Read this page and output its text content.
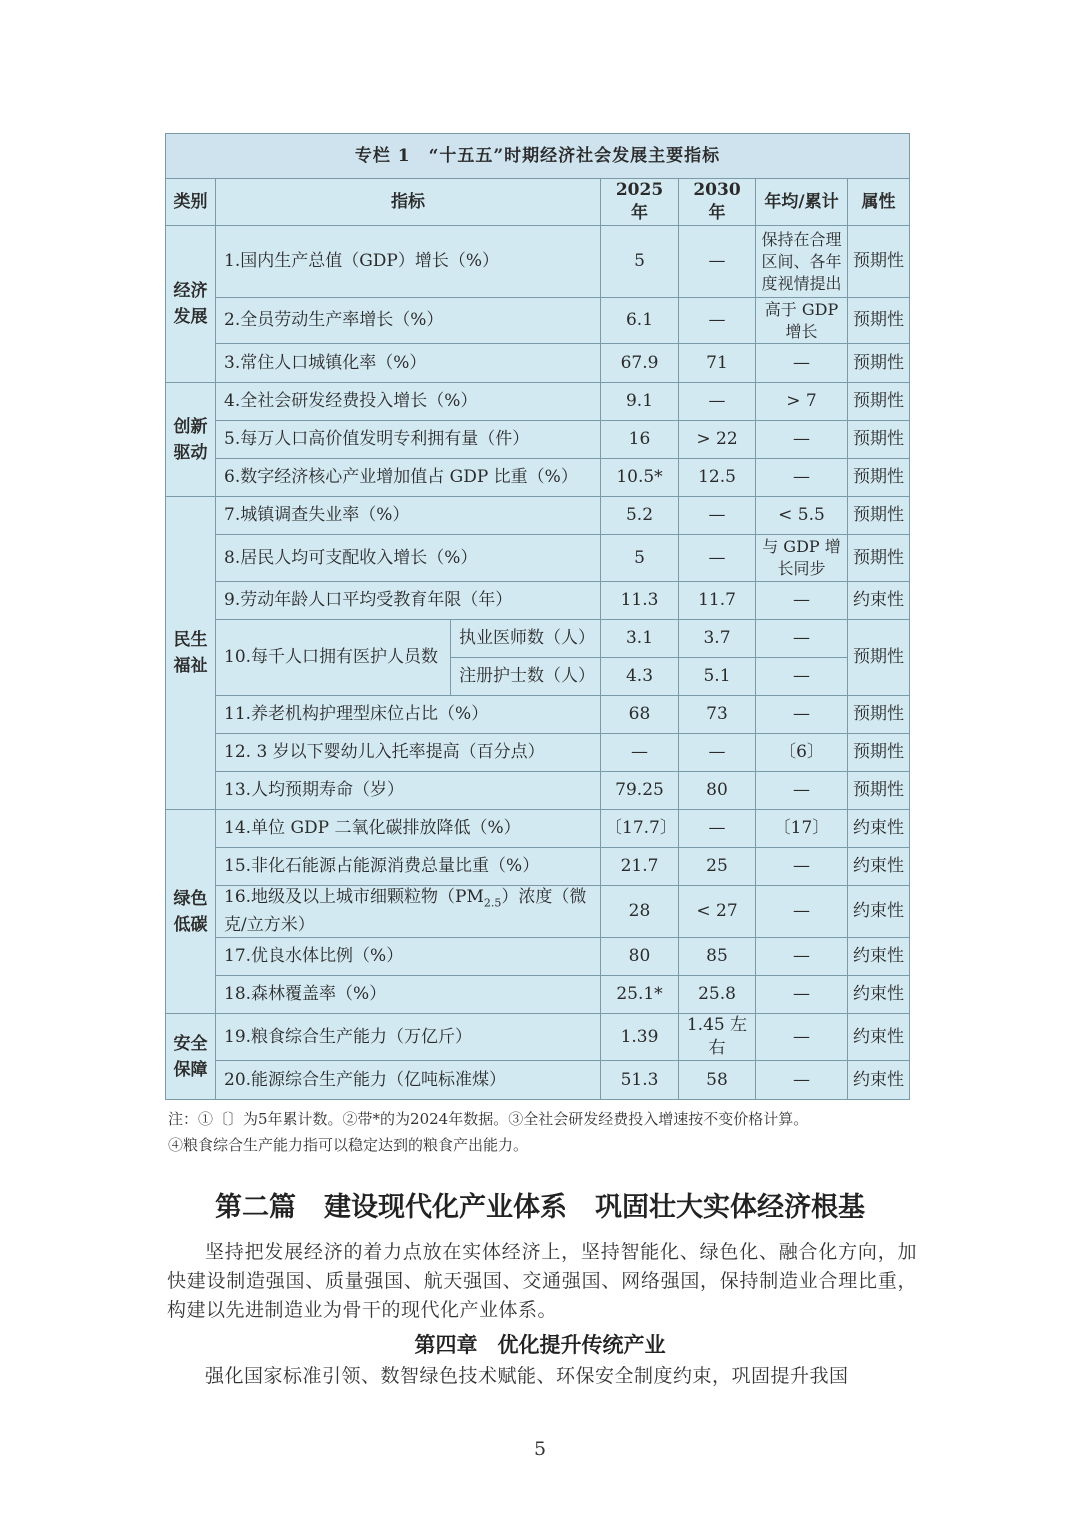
专栏 1　“十五五”时期经济社会发展主要指标						
类别	指标		2025 年	2030 年	年均/累计	属性
经济发展	1.国内生产总值（GDP）增长（%）		5	—	保持在合理区间、各年度视情提出	预期性
	2.全员劳动生产率增长（%）		6.1	—	高于 GDP 增长	预期性
	3.常住人口城镇化率（%）		67.9	71	—	预期性
创新驱动	4.全社会研发经费投入增长（%）		9.1	—	> 7	预期性
	5.每万人口高价值发明专利拥有量（件）		16	> 22	—	预期性
	6.数字经济核心产业增加值占 GDP 比重（%）		10.5*	12.5	—	预期性
民生福祉	7.城镇调查失业率（%）		5.2	—	< 5.5	预期性
	8.居民人均可支配收入增长（%）		5	—	与 GDP 增长同步	预期性
	9.劳动年龄人口平均受教育年限（年）		11.3	11.7	—	约束性
	10.每千人口拥有医护人员数	执业医师数（人）	3.1	3.7	—	预期性
		注册护士数（人）	4.3	5.1	—	
	11.养老机构护理型床位占比（%）		68	73	—	预期性
	12. 3 岁以下婴幼儿入托率提高（百分点）		—	—	〔6〕	预期性
	13.人均预期寿命（岁）		79.25	80	—	预期性
绿色低碳	14.单位 GDP 二氧化碳排放降低（%）		〔17.7〕	—	〔17〕	约束性
	15.非化石能源占能源消费总量比重（%）		21.7	25	—	约束性
	16.地级及以上城市细颗粒物$(PM_{2.5})$浓度（微克/立方米）		28	< 27	—	约束性
	17.优良水体比例（%）		80	85	—	约束性
	18.森林覆盖率（%）		25.1*	25.8	—	约束性
安全保障	19.粮食综合生产能力（万亿斤）		1.39	1.45 左右	—	约束性
	20.能源综合生产能力（亿吨标准煤）		51.3	58	—	约束性

注：①〔〕为5年累计数。②带*的为2024年数据。③全社会研发经费投入增速按不变价格计算。

④粮食综合生产能力指可以稳定达到的粮食产出能力。

第二篇 建设现代化产业体系 巩固壮大实体经济根基

坚持把发展经济的着力点放在实体经济上，坚持智能化、绿色化、融合化方向，加快建设制造强国、质量强国、航天强国、交通强国、网络强国，保持制造业合理比重，构建以先进制造业为骨干的现代化产业体系。

第四章 优化提升传统产业

强化国家标准引领、数智绿色技术赋能、环保安全制度约束，巩固提升我国

5
